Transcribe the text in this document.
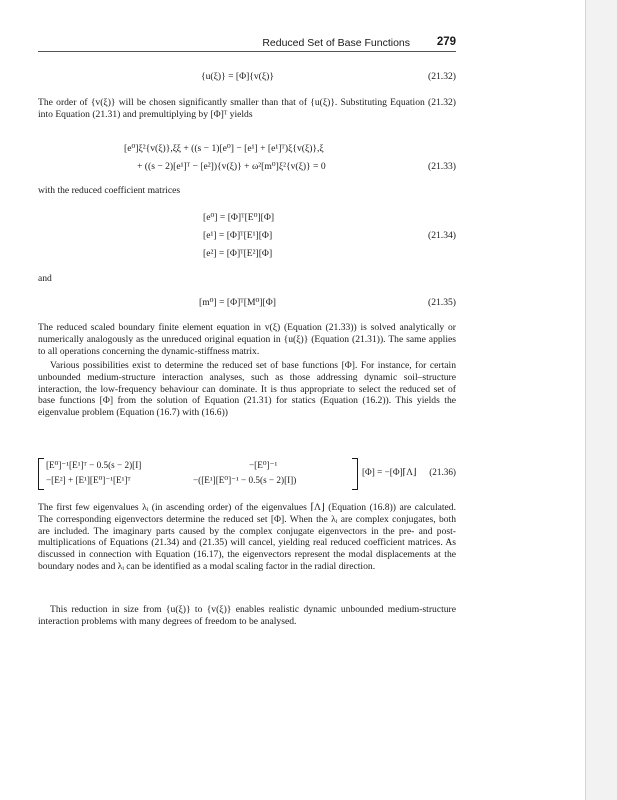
Reduced Set of Base Functions 279
{u(ξ)} = [Φ]{v(ξ)}	(21.32)
The order of {v(ξ)} will be chosen significantly smaller than that of {u(ξ)}. Substituting Equation (21.32) into Equation (21.31) and premultiplying by [Φ]ᵀ yields
[e⁰]ξ²{v(ξ)},ξξ + ((s − 1)[e⁰] − [e¹] + [e¹]ᵀ)ξ{v(ξ)},ξ
+ ((s − 2)[e¹]ᵀ − [e²]){v(ξ)} + ω²[m⁰]ξ²{v(ξ)} = 0	(21.33)
with the reduced coefficient matrices
[e⁰] = [Φ]ᵀ[E⁰][Φ]
[e¹] = [Φ]ᵀ[E¹][Φ]	(21.34)
[e²] = [Φ]ᵀ[E²][Φ]
and
[m⁰] = [Φ]ᵀ[M⁰][Φ]	(21.35)
The reduced scaled boundary finite element equation in v(ξ) (Equation (21.33)) is solved analytically or numerically analogously as the unreduced original equation in {u(ξ)} (Equation (21.31)). The same applies to all operations concerning the dynamic-stiffness matrix.
Various possibilities exist to determine the reduced set of base functions [Φ]. For instance, for certain unbounded medium-structure interaction analyses, such as those addressing dynamic soil–structure interaction, the low-frequency behaviour can dominate. It is thus appropriate to select the reduced set of base functions [Φ] from the solution of Equation (21.31) for statics (Equation (16.2)). This yields the eigenvalue problem (Equation (16.7) with (16.6))
[E⁰]⁻¹[E¹]ᵀ − 0.5(s − 2)[I]	−[E⁰]⁻¹
−[E²] + [E¹][E⁰]⁻¹[E¹]ᵀ	−([E¹][E⁰]⁻¹ − 0.5(s − 2)[I])
[Φ] = −[Φ]⌈Λ⌋ (21.36)
The first few eigenvalues λᵢ (in ascending order) of the eigenvalues ⌈Λ⌋ (Equation (16.8)) are calculated. The corresponding eigenvectors determine the reduced set [Φ]. When the λᵢ are complex conjugates, both are included. The imaginary parts caused by the complex conjugate eigenvectors in the pre- and post-multiplications of Equations (21.34) and (21.35) will cancel, yielding real reduced coefficient matrices. As discussed in connection with Equation (16.17), the eigenvectors represent the modal displacements at the boundary nodes and λᵢ can be identified as a modal scaling factor in the radial direction.
This reduction in size from {u(ξ)} to {v(ξ)} enables realistic dynamic unbounded medium-structure interaction problems with many degrees of freedom to be analysed.
